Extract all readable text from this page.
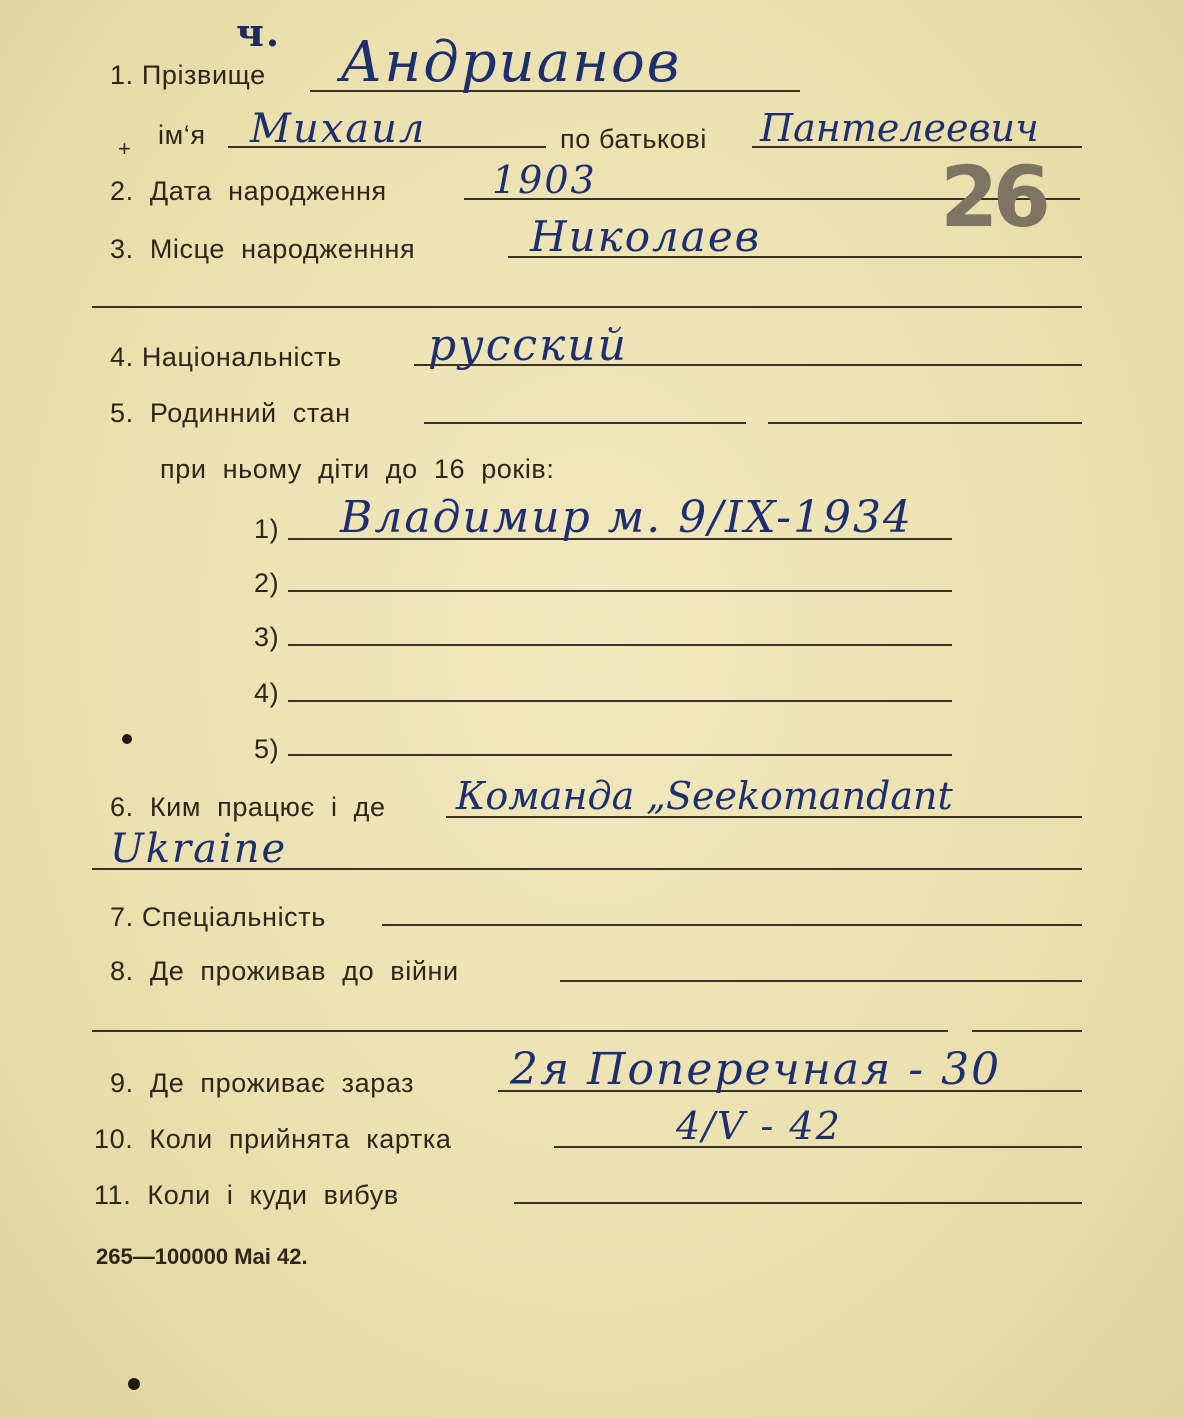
ч.
1. Прізвище Андрианов
ім‘я Михаил	по батькові Пантелеевич
+
2. Дата народження	1903	26
3. Місце народженння	Николаев
4. Національність русский
5. Родинний стан
при ньому діти до 16 років:
1) Владимир м. 9/IX-1934
2)
3)
4)
5)
6. Ким працює і де Команда „Seekomandant
Ukraine
7. Спеціальність
8. Де проживав до війни
9. Де проживає зараз 2я Поперечная - 30
10. Коли прийнята картка	4/V - 42
11. Коли і куди вибув
265—100000 Mai 42.
